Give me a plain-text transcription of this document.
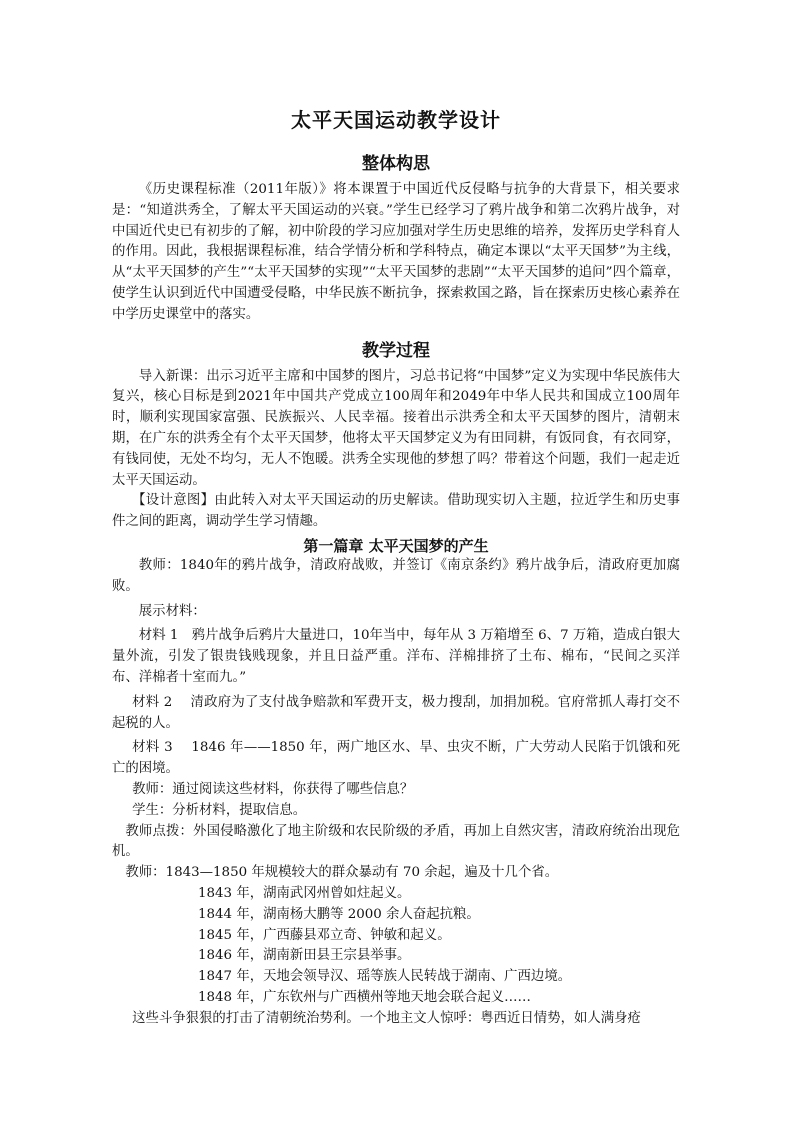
太平天国运动教学设计
整体构思

《历史课程标准（2011年版）》将本课置于中国近代反侵略与抗争的大背景下，相关要求是：“知道洪秀全，了解太平天国运动的兴衰。”学生已经学习了鸦片战争和第二次鸦片战争，对中国近代史已有初步的了解，初中阶段的学习应加强对学生历史思维的培养，发挥历史学科育人的作用。因此，我根据课程标准，结合学情分析和学科特点，确定本课以“太平天国梦”为主线，从“太平天国梦的产生”“太平天国梦的实现”“太平天国梦的悲剧”“太平天国梦的追问”四个篇章，使学生认识到近代中国遭受侵略，中华民族不断抗争，探索救国之路，旨在探索历史核心素养在中学历史课堂中的落实。

教学过程

导入新课：出示习近平主席和中国梦的图片，习总书记将“中国梦”定义为实现中华民族伟大复兴，核心目标是到2021年中国共产党成立100周年和2049年中华人民共和国成立100周年时，顺利实现国家富强、民族振兴、人民幸福。接着出示洪秀全和太平天国梦的图片，清朝末期，在广东的洪秀全有个太平天国梦，他将太平天国梦定义为有田同耕，有饭同食，有衣同穿，有钱同使，无处不均匀，无人不饱暖。洪秀全实现他的梦想了吗？带着这个问题，我们一起走近太平天国运动。

【设计意图】由此转入对太平天国运动的历史解读。借助现实切入主题，拉近学生和历史事件之间的距离，调动学生学习情趣。

第一篇章 太平天国梦的产生

教师：1840年的鸦片战争，清政府战败，并签订《南京条约》鸦片战争后，清政府更加腐败。

展示材料：

材料 1　鸦片战争后鸦片大量进口，10年当中，每年从 3 万箱增至 6、7 万箱，造成白银大量外流，引发了银贵钱贱现象，并且日益严重。洋布、洋棉排挤了土布、棉布，“民间之买洋布、洋棉者十室而九。”

材料 2　 清政府为了支付战争赔款和军费开支，极力搜刮，加捐加税。官府常抓人毒打交不起税的人。

材料 3　 1846 年——1850 年，两广地区水、旱、虫灾不断，广大劳动人民陷于饥饿和死亡的困境。

教师：通过阅读这些材料，你获得了哪些信息？

学生：分析材料，提取信息。

教师点拨：外国侵略激化了地主阶级和农民阶级的矛盾，再加上自然灾害，清政府统治出现危机。

教师：1843—1850 年规模较大的群众暴动有 70 余起，遍及十几个省。

1843 年，湖南武冈州曾如炷起义。

1844 年，湖南杨大鹏等 2000 余人奋起抗粮。

1845 年，广西藤县邓立奇、钟敏和起义。

1846 年，湖南新田县王宗县举事。

1847 年，天地会领导汉、瑶等族人民转战于湖南、广西边境。

1848 年，广东钦州与广西横州等地天地会联合起义……

这些斗争狠狠的打击了清朝统治势利。一个地主文人惊呼：粤西近日情势，如人满身疮
